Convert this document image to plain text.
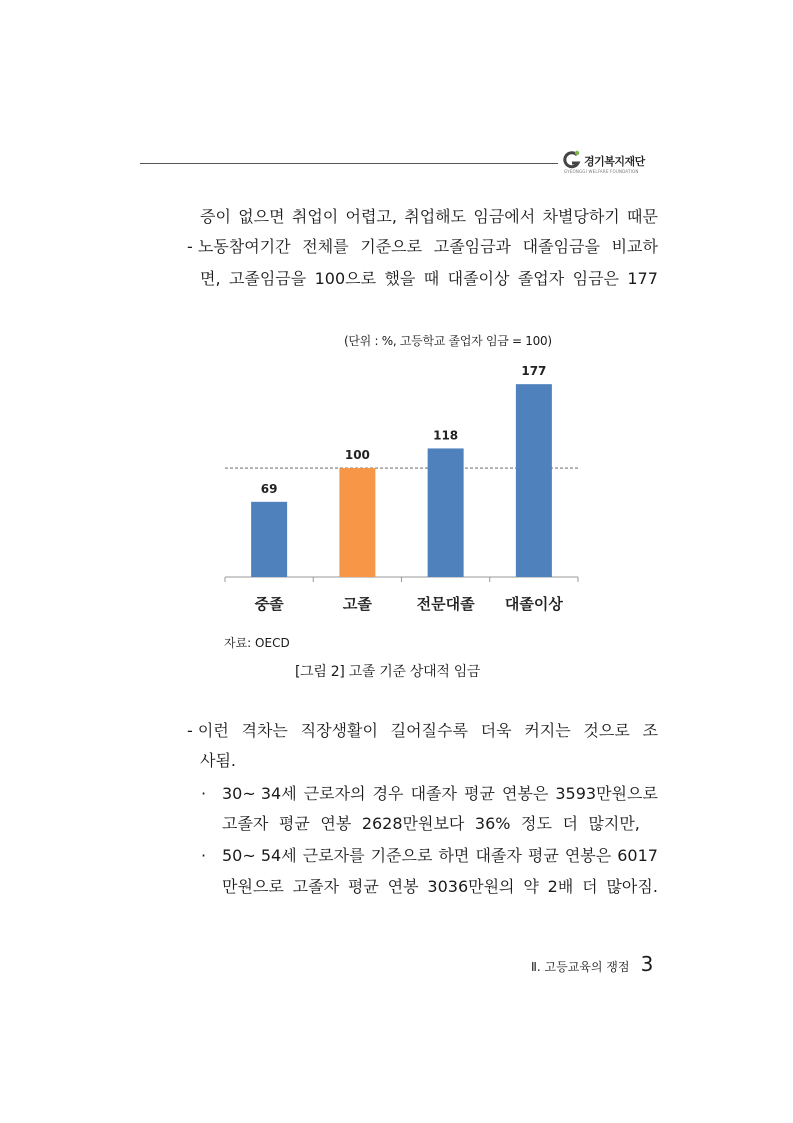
경기복지재단
GYEONGGI WELFARE FOUNDATION
증이 없으면 취업이 어렵고, 취업해도 임금에서 차별당하기 때문
- 노동참여기간 전체를 기준으로 고졸임금과 대졸임금을 비교하
면, 고졸임금을 100으로 했을 때 대졸이상 졸업자 임금은 177
(단위 : %, 고등학교 졸업자 임금 = 100)
69
중졸
100
고졸
118
전문대졸
177
대졸이상
자료: OECD
[그림 2] 고졸 기준 상대적 임금
- 이런 격차는 직장생활이 길어질수록 더욱 커지는 것으로 조
사됨.
· 30~ 34세 근로자의 경우 대졸자 평균 연봉은 3593만원으로
고졸자 평균 연봉 2628만원보다 36% 정도 더 많지만,
· 50~ 54세 근로자를 기준으로 하면 대졸자 평균 연봉은 6017
만원으로 고졸자 평균 연봉 3036만원의 약 2배 더 많아짐.
Ⅱ. 고등교육의 쟁점 3
